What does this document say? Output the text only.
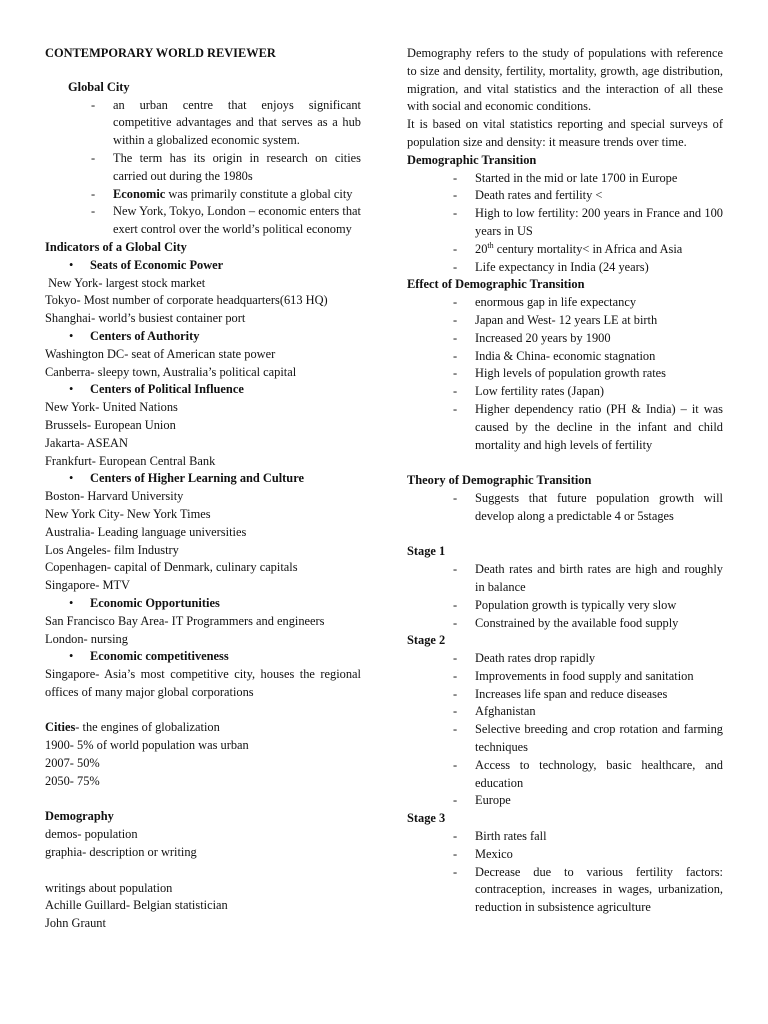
CONTEMPORARY WORLD REVIEWER
Global City
- an urban centre that enjoys significant competitive advantages and that serves as a hub within a globalized economic system.
- The term has its origin in research on cities carried out during the 1980s
- Economic was primarily constitute a global city
- New York, Tokyo, London – economic enters that exert control over the world’s political economy
Indicators of a Global City
• Seats of Economic Power
New York- largest stock market
Tokyo- Most number of corporate headquarters(613 HQ)
Shanghai- world’s busiest container port
• Centers of Authority
Washington DC- seat of American state power
Canberra- sleepy town, Australia’s political capital
• Centers of Political Influence
New York- United Nations
Brussels- European Union
Jakarta- ASEAN
Frankfurt- European Central Bank
• Centers of Higher Learning and Culture
Boston- Harvard University
New York City- New York Times
Australia- Leading language universities
Los Angeles- film Industry
Copenhagen- capital of Denmark, culinary capitals
Singapore- MTV
• Economic Opportunities
San Francisco Bay Area- IT Programmers and engineers
London- nursing
• Economic competitiveness
Singapore- Asia’s most competitive city, houses the regional offices of many major global corporations
Cities- the engines of globalization
1900- 5% of world population was urban
2007- 50%
2050- 75%
Demography
demos- population
graphia- description or writing
writings about population
Achille Guillard- Belgian statistician
John Graunt
Demography refers to the study of populations with reference to size and density, fertility, mortality, growth, age distribution, migration, and vital statistics and the interaction of all these with social and economic conditions.
It is based on vital statistics reporting and special surveys of population size and density: it measure trends over time.
Demographic Transition
- Started in the mid or late 1700 in Europe
- Death rates and fertility <
- High to low fertility: 200 years in France and 100 years in US
- 20th century mortality< in Africa and Asia
- Life expectancy in India (24 years)
Effect of Demographic Transition
- enormous gap in life expectancy
- Japan and West- 12 years LE at birth
- Increased 20 years by 1900
- India & China- economic stagnation
- High levels of population growth rates
- Low fertility rates (Japan)
- Higher dependency ratio (PH & India) – it was caused by the decline in the infant and child mortality and high levels of fertility
Theory of Demographic Transition
- Suggests that future population growth will develop along a predictable 4 or 5stages
Stage 1
- Death rates and birth rates are high and roughly in balance
- Population growth is typically very slow
- Constrained by the available food supply
Stage 2
- Death rates drop rapidly
- Improvements in food supply and sanitation
- Increases life span and reduce diseases
- Afghanistan
- Selective breeding and crop rotation and farming techniques
- Access to technology, basic healthcare, and education
- Europe
Stage 3
- Birth rates fall
- Mexico
- Decrease due to various fertility factors: contraception, increases in wages, urbanization, reduction in subsistence agriculture
